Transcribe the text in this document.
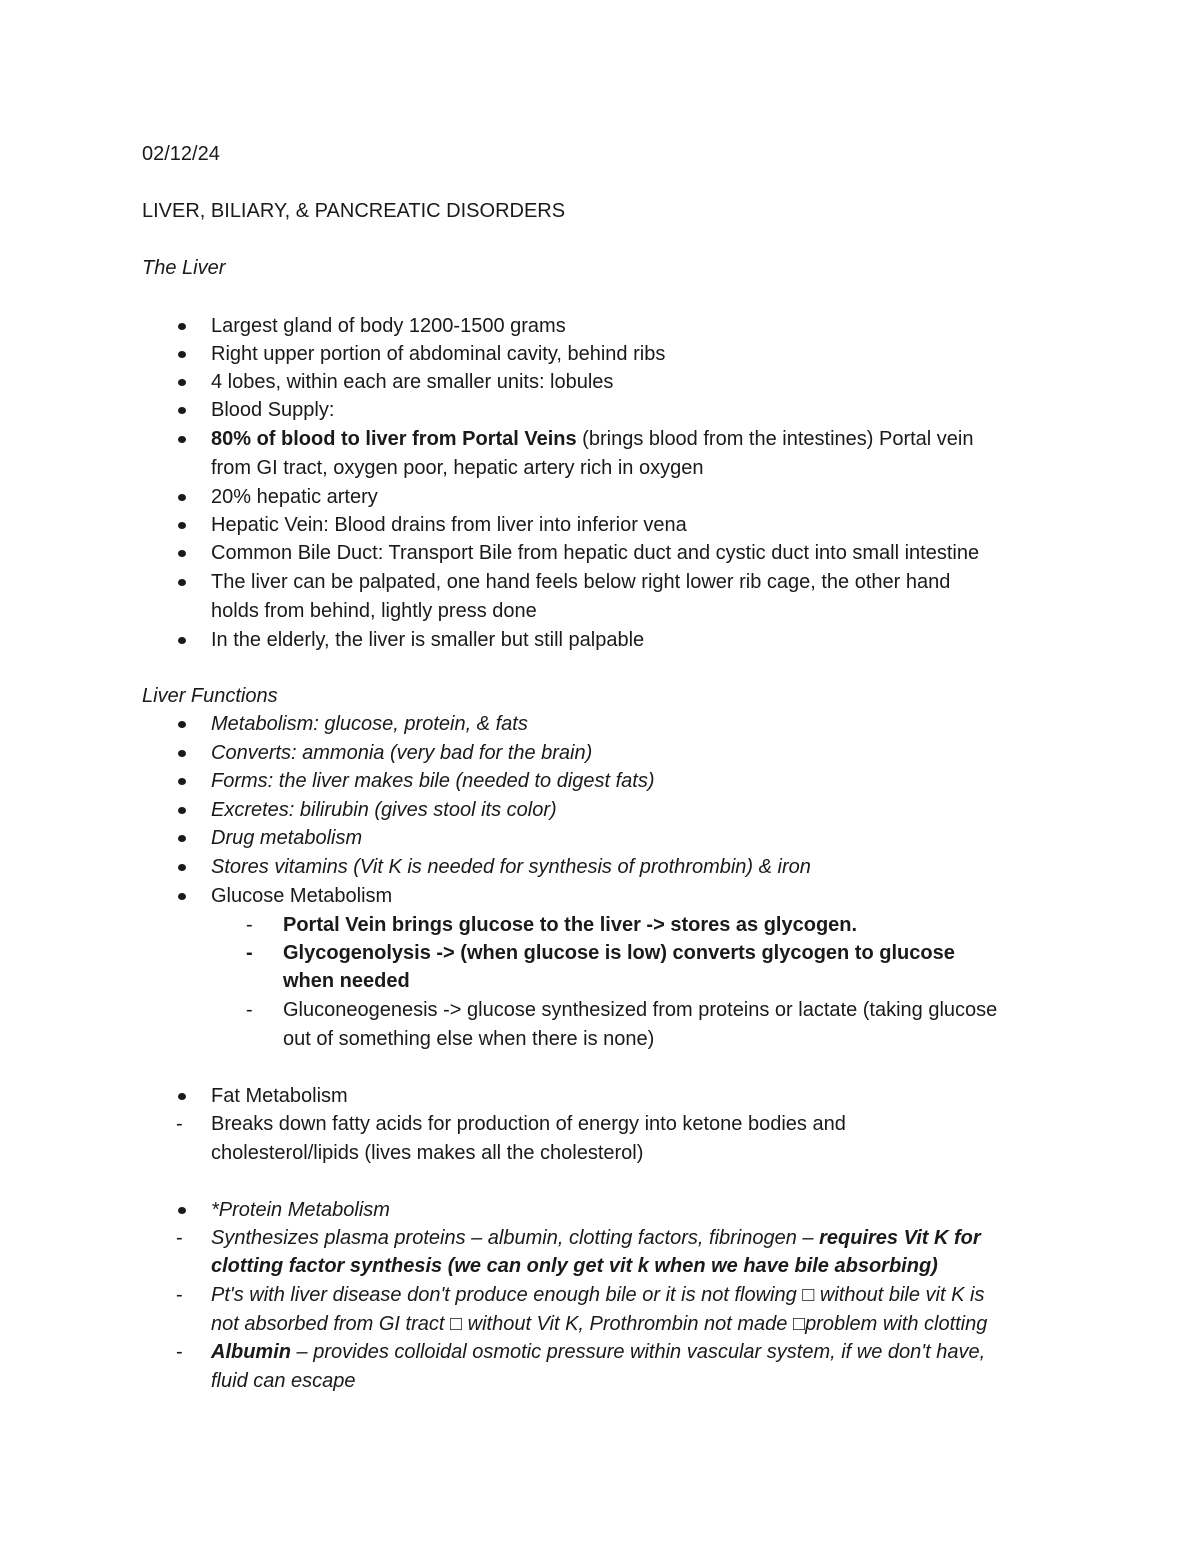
02/12/24
LIVER, BILIARY, & PANCREATIC DISORDERS
The Liver
Largest gland of body 1200-1500 grams
Right upper portion of abdominal cavity, behind ribs
4 lobes, within each are smaller units: lobules
Blood Supply:
80% of blood to liver from Portal Veins (brings blood from the intestines) Portal vein
from GI tract, oxygen poor, hepatic artery rich in oxygen
20% hepatic artery
Hepatic Vein: Blood drains from liver into inferior vena
Common Bile Duct: Transport Bile from hepatic duct and cystic duct into small intestine
The liver can be palpated, one hand feels below right lower rib cage, the other hand
holds from behind, lightly press done
In the elderly, the liver is smaller but still palpable
Liver Functions
Metabolism: glucose, protein, & fats
Converts: ammonia (very bad for the brain)
Forms: the liver makes bile (needed to digest fats)
Excretes: bilirubin (gives stool its color)
Drug metabolism
Stores vitamins (Vit K is needed for synthesis of prothrombin) & iron
Glucose Metabolism
- Portal Vein brings glucose to the liver -> stores as glycogen.
- Glycogenolysis -> (when glucose is low) converts glycogen to glucose
when needed
- Gluconeogenesis -> glucose synthesized from proteins or lactate (taking glucose
out of something else when there is none)
Fat Metabolism
- Breaks down fatty acids for production of energy into ketone bodies and
cholesterol/lipids (lives makes all the cholesterol)
*Protein Metabolism
- Synthesizes plasma proteins – albumin, clotting factors, fibrinogen – requires Vit K for
clotting factor synthesis (we can only get vit k when we have bile absorbing)
- Pt's with liver disease don't produce enough bile or it is not flowing □ without bile vit K is
not absorbed from GI tract □ without Vit K, Prothrombin not made □problem with clotting
- Albumin – provides colloidal osmotic pressure within vascular system, if we don't have,
fluid can escape
